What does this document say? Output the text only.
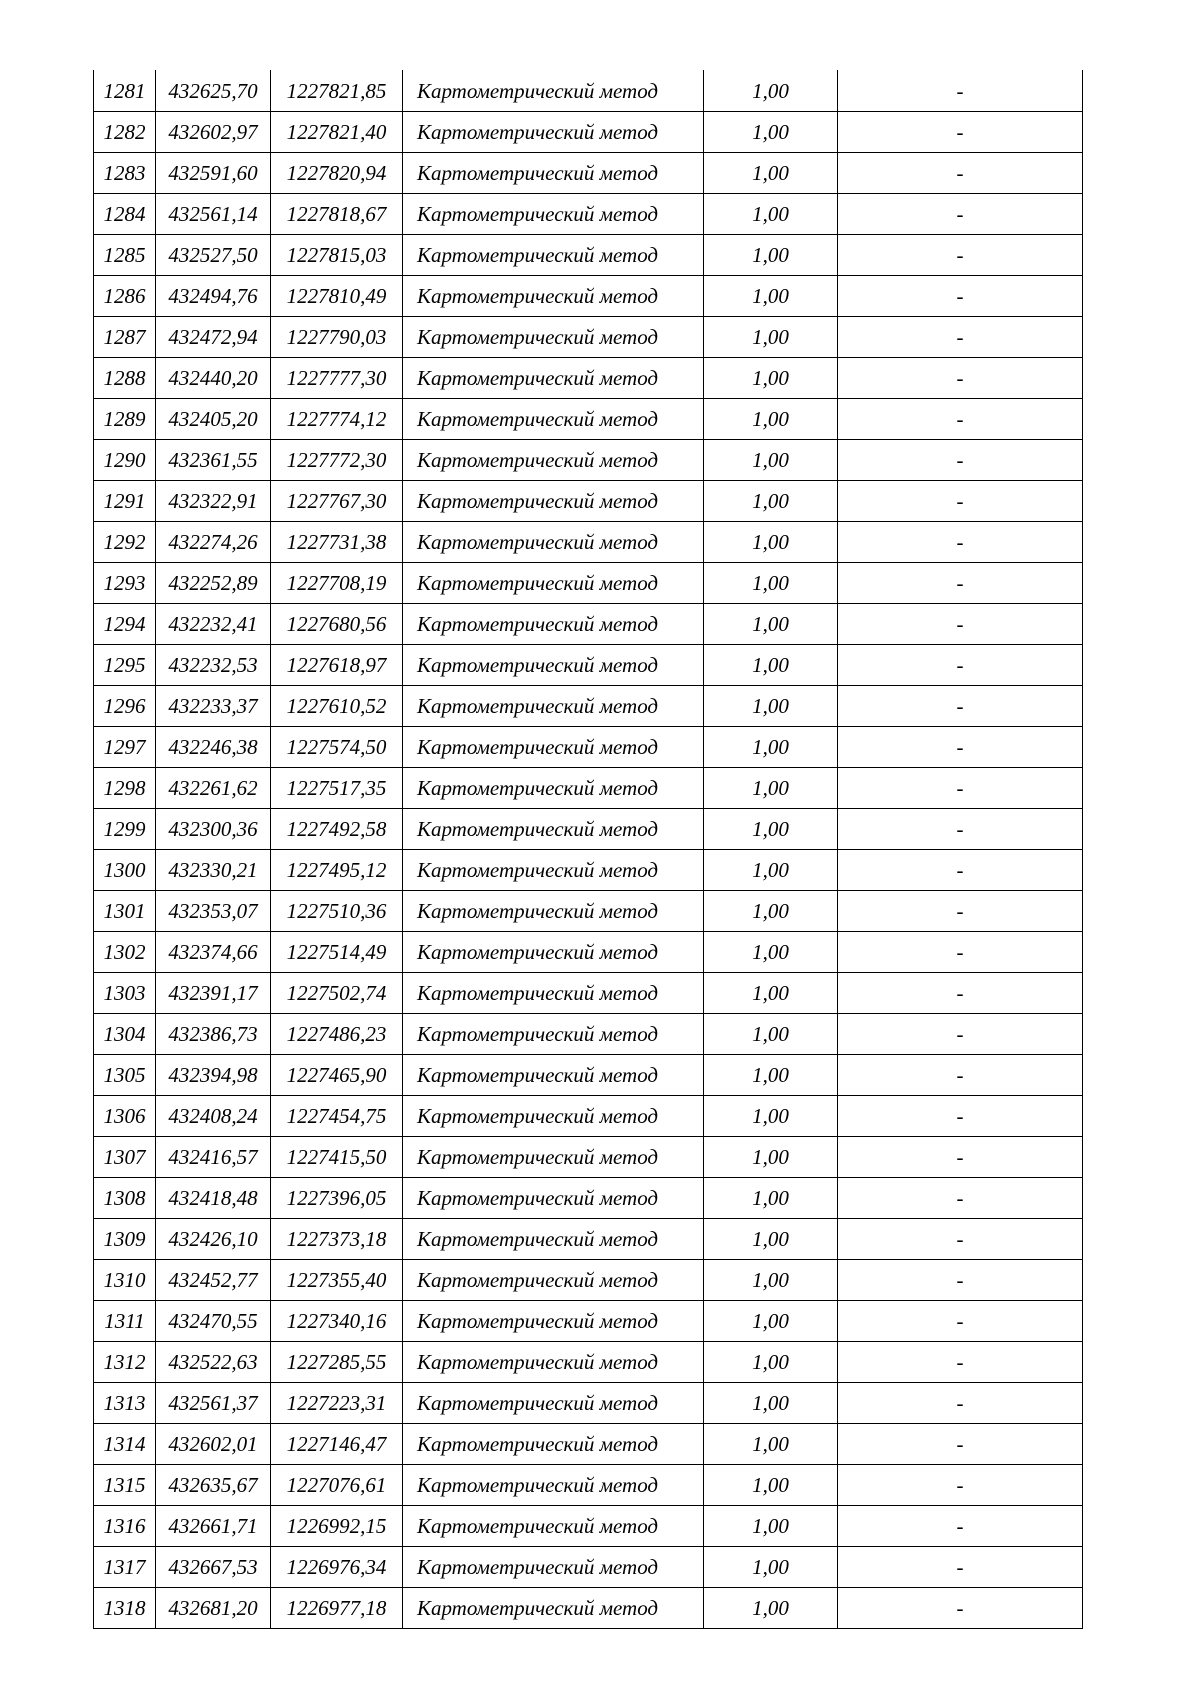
1281	432625,70	1227821,85	Картометрический метод	1,00	-
1282	432602,97	1227821,40	Картометрический метод	1,00	-
1283	432591,60	1227820,94	Картометрический метод	1,00	-
1284	432561,14	1227818,67	Картометрический метод	1,00	-
1285	432527,50	1227815,03	Картометрический метод	1,00	-
1286	432494,76	1227810,49	Картометрический метод	1,00	-
1287	432472,94	1227790,03	Картометрический метод	1,00	-
1288	432440,20	1227777,30	Картометрический метод	1,00	-
1289	432405,20	1227774,12	Картометрический метод	1,00	-
1290	432361,55	1227772,30	Картометрический метод	1,00	-
1291	432322,91	1227767,30	Картометрический метод	1,00	-
1292	432274,26	1227731,38	Картометрический метод	1,00	-
1293	432252,89	1227708,19	Картометрический метод	1,00	-
1294	432232,41	1227680,56	Картометрический метод	1,00	-
1295	432232,53	1227618,97	Картометрический метод	1,00	-
1296	432233,37	1227610,52	Картометрический метод	1,00	-
1297	432246,38	1227574,50	Картометрический метод	1,00	-
1298	432261,62	1227517,35	Картометрический метод	1,00	-
1299	432300,36	1227492,58	Картометрический метод	1,00	-
1300	432330,21	1227495,12	Картометрический метод	1,00	-
1301	432353,07	1227510,36	Картометрический метод	1,00	-
1302	432374,66	1227514,49	Картометрический метод	1,00	-
1303	432391,17	1227502,74	Картометрический метод	1,00	-
1304	432386,73	1227486,23	Картометрический метод	1,00	-
1305	432394,98	1227465,90	Картометрический метод	1,00	-
1306	432408,24	1227454,75	Картометрический метод	1,00	-
1307	432416,57	1227415,50	Картометрический метод	1,00	-
1308	432418,48	1227396,05	Картометрический метод	1,00	-
1309	432426,10	1227373,18	Картометрический метод	1,00	-
1310	432452,77	1227355,40	Картометрический метод	1,00	-
1311	432470,55	1227340,16	Картометрический метод	1,00	-
1312	432522,63	1227285,55	Картометрический метод	1,00	-
1313	432561,37	1227223,31	Картометрический метод	1,00	-
1314	432602,01	1227146,47	Картометрический метод	1,00	-
1315	432635,67	1227076,61	Картометрический метод	1,00	-
1316	432661,71	1226992,15	Картометрический метод	1,00	-
1317	432667,53	1226976,34	Картометрический метод	1,00	-
1318	432681,20	1226977,18	Картометрический метод	1,00	-
